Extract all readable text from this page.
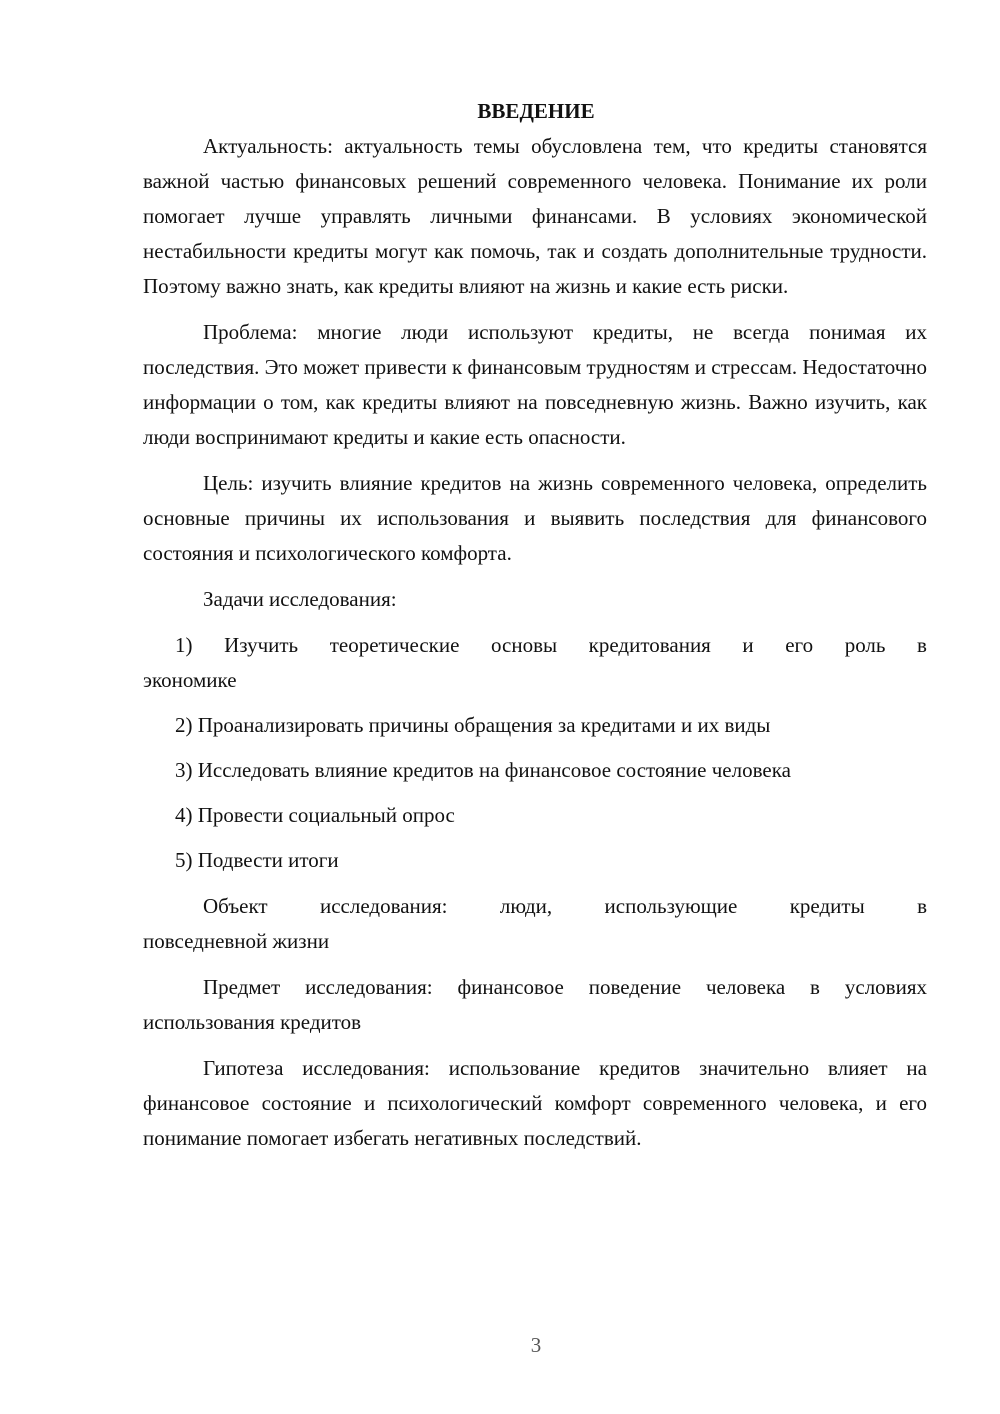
ВВЕДЕНИЕ

Актуальность: актуальность темы обусловлена тем, что кредиты становятся важной частью финансовых решений современного человека. Понимание их роли помогает лучше управлять личными финансами. В условиях экономической нестабильности кредиты могут как помочь, так и создать дополнительные трудности. Поэтому важно знать, как кредиты влияют на жизнь и какие есть риски.

Проблема: многие люди используют кредиты, не всегда понимая их последствия. Это может привести к финансовым трудностям и стрессам. Недостаточно информации о том, как кредиты влияют на повседневную жизнь. Важно изучить, как люди воспринимают кредиты и какие есть опасности.

Цель: изучить влияние кредитов на жизнь современного человека, определить основные причины их использования и выявить последствия для финансового состояния и психологического комфорта.

Задачи исследования:

1) Изучить теоретические основы кредитования и его роль в
экономике
2) Проанализировать причины обращения за кредитами и их виды
3) Исследовать влияние кредитов на финансовое состояние человека
4) Провести социальный опрос
5) Подвести итоги
Объект исследования: люди, использующие кредиты в
повседневной жизни

Предмет исследования: финансовое поведение человека в условиях использования кредитов

Гипотеза исследования: использование кредитов значительно влияет на финансовое состояние и психологический комфорт современного человека, и его понимание помогает избегать негативных последствий.

3
